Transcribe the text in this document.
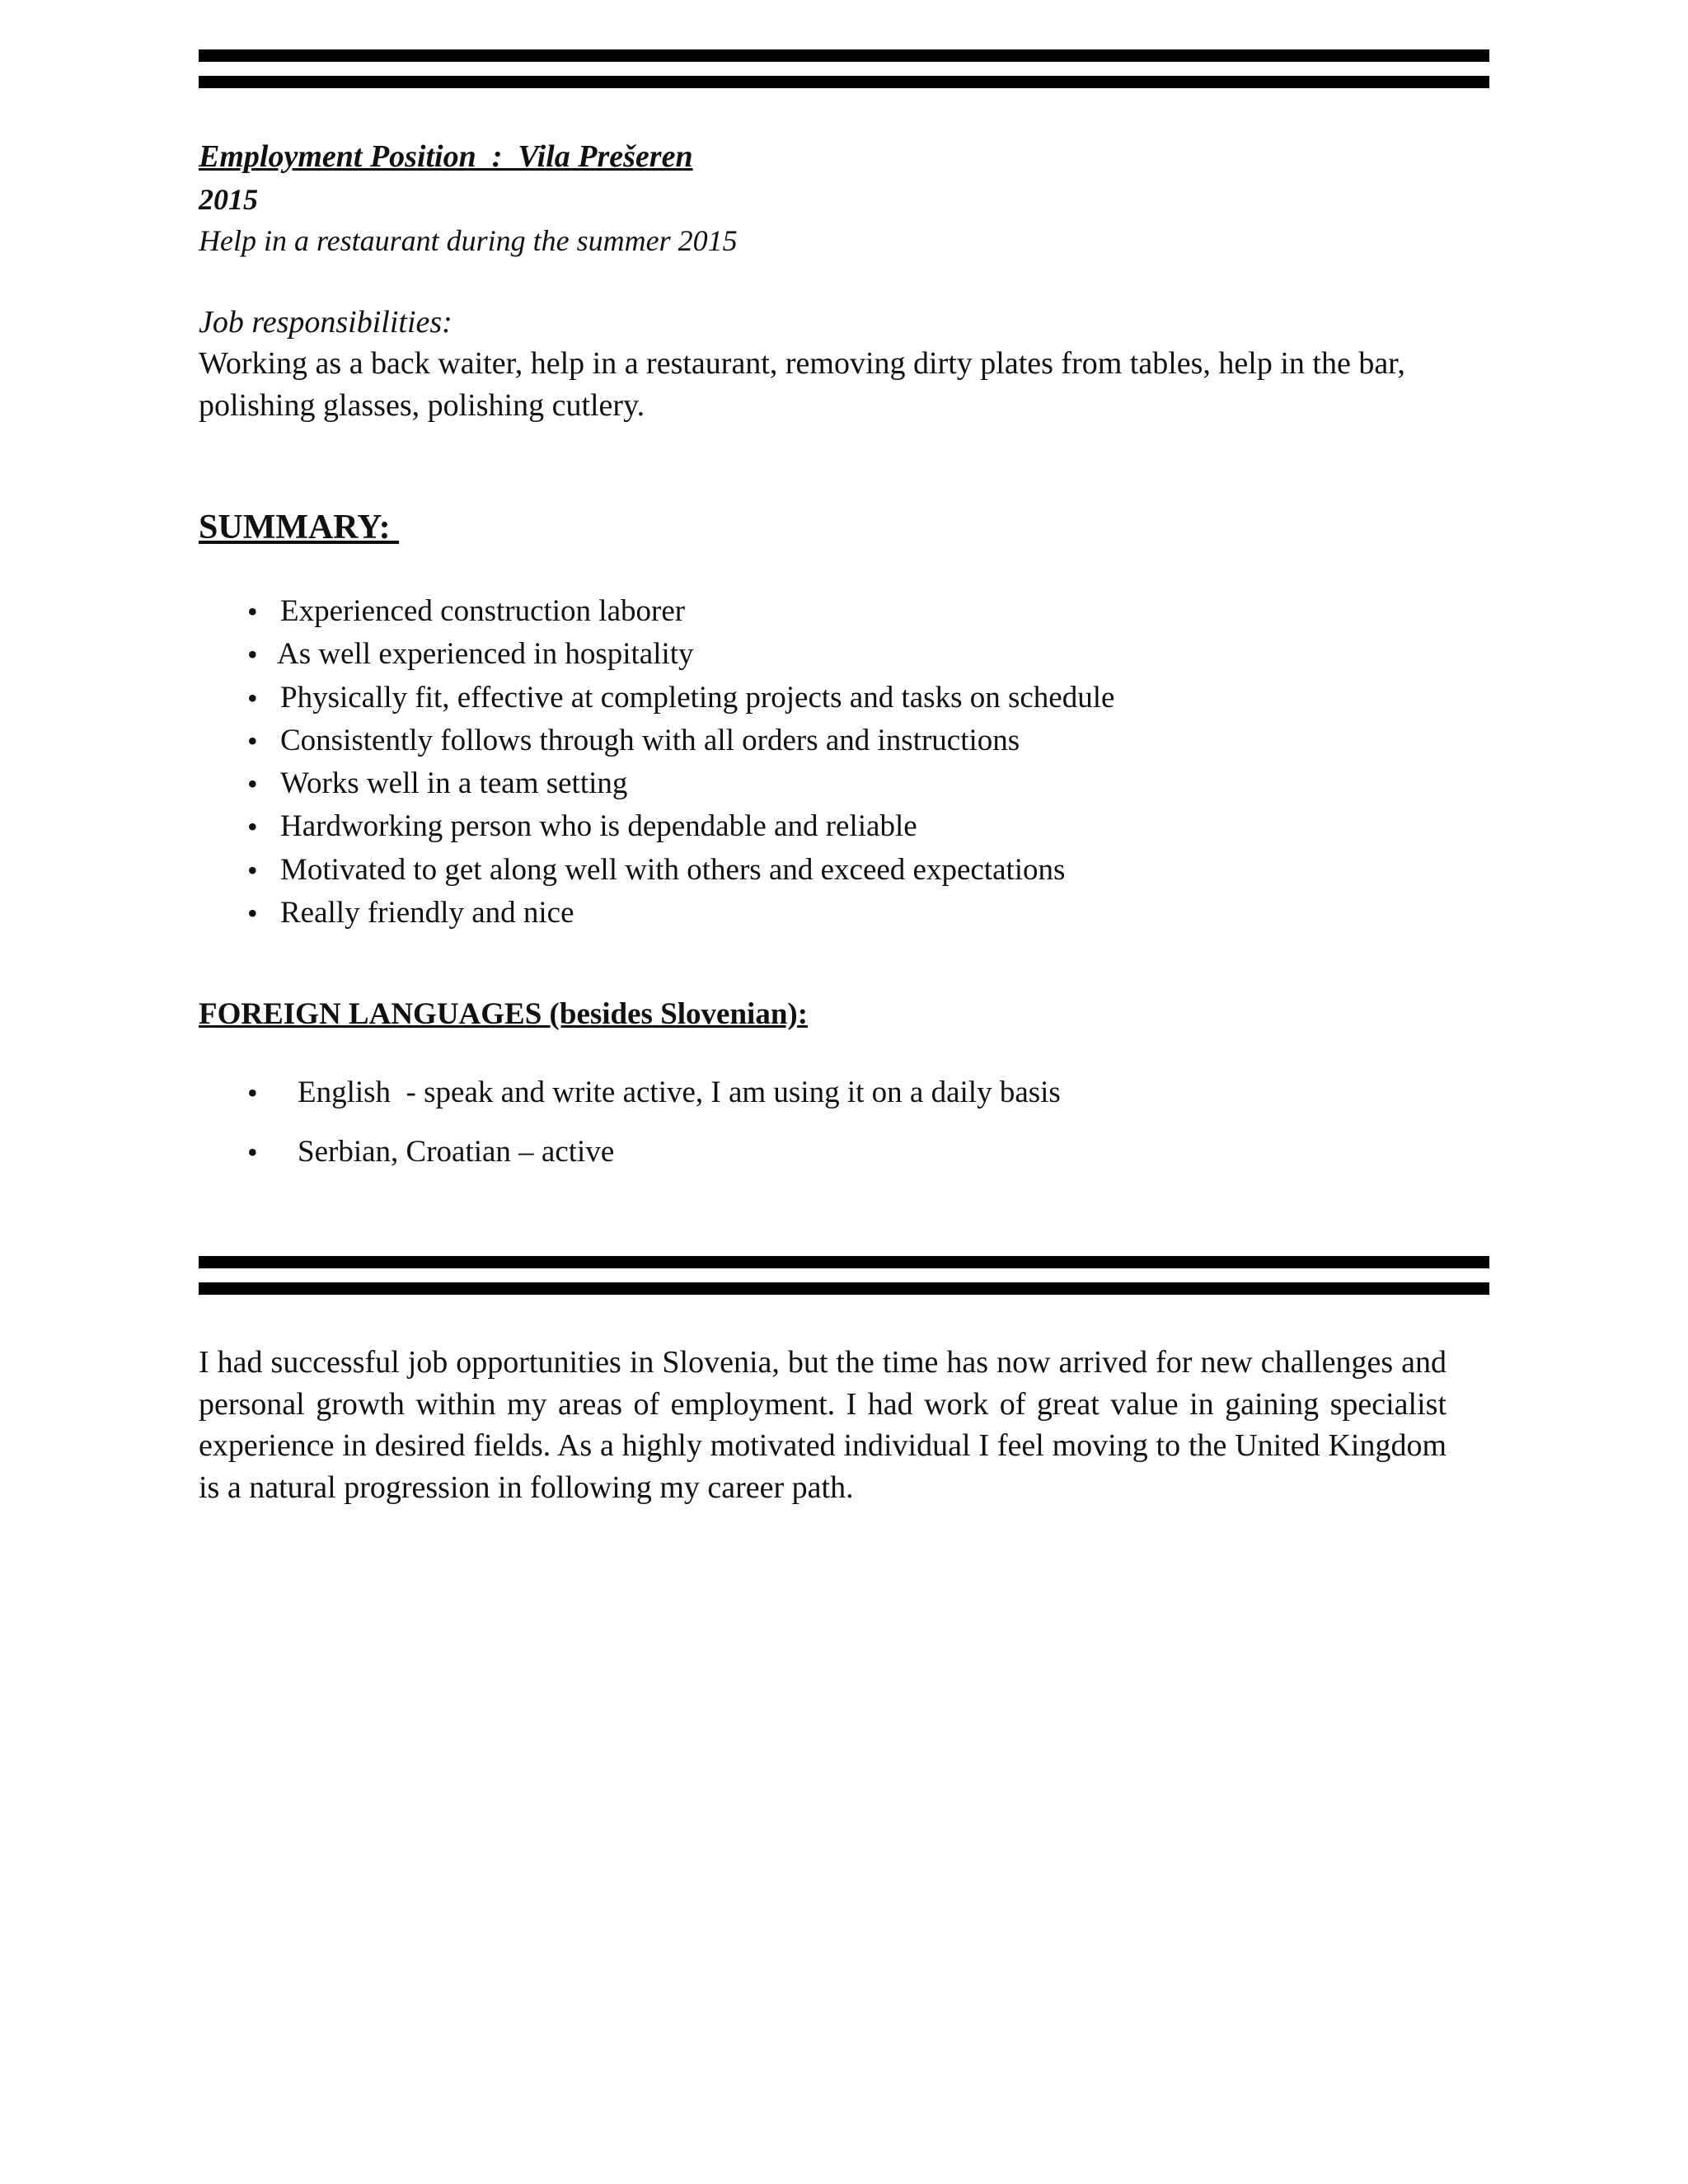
Employment Position  :  Vila Prešeren
2015
Help in a restaurant during the summer 2015
Job responsibilities:
Working as a back waiter, help in a restaurant, removing dirty plates from tables, help in the bar, polishing glasses, polishing cutlery.
SUMMARY:
• Experienced construction laborer
• As well experienced in hospitality
• Physically fit, effective at completing projects and tasks on schedule
• Consistently follows through with all orders and instructions
• Works well in a team setting
• Hardworking person who is dependable and reliable
• Motivated to get along well with others and exceed expectations
• Really friendly and nice
FOREIGN LANGUAGES (besides Slovenian):
• English  - speak and write active, I am using it on a daily basis
• Serbian, Croatian – active
I had successful job opportunities in Slovenia, but the time has now arrived for new challenges and personal growth within my areas of employment. I had work of great value in gaining specialist experience in desired fields. As a highly motivated individual I feel moving to the United Kingdom is a natural progression in following my career path.
